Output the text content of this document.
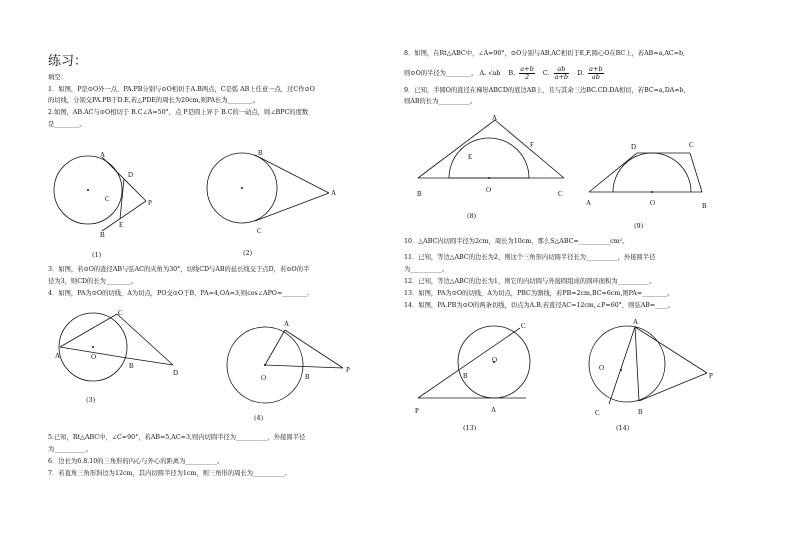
练习：
填空：
1．如图，P是⊙O外一点，PA.PB分别与⊙O相切于A.B两点，C是弧 AB上任意一点，过C作⊙O
的切线，分别交PA.PB于D.E,若△PDE的周长为20cm,则PA长为________。
2.如图，AB.AC与⊙O相切于 B.C∠A=50°，点 P是圆上异于 B.C的一动点，则∠BPC的度数
是________。
A
D
C	P
E
B
(1)
B
A
C
(2)
3．如图，若⊙O的直径AB与弦AC的夹角为30°，切线CD与AB的延长线交于点D，若⊙O的半
径为3，则CD的长为________。
4．如图，PA为⊙O的切线，A为切点，PO交⊙O于B，PA=4,OA=3,则cos∠APO=________.
C
A	O
B
D
(3)
A
O	B
P
(4)
5.已知，Rt△ABC中，∠C=90°，若AB=5,AC=3,则内切圆半径为__________，外接圆半径
为__________。
6．边长为6.8.10的三角形的内心与外心的距离为__________。
7．若直角三角形斜边为12cm，其内切圆半径为1cm，则三角形的周长为__________。
8．如图，在Rt△ABC中，∠A=90°，⊙O分别与AB,AC相切于E,F,圆心O在BC上，若AB=a,AC=b,
则⊙O的半径为________。 A. √ab B. $\frac{a+b}{2} C$. $\frac{ab}{a+b} D$. $\frac{a+b}{ab}$
9．已知，半圆O的直径在梯形ABCD的底边AB上，且与其余三边BC.CD.DA相切，若BC=a,DA=b,
则AB的长为__________。
A
E
F
B	O	C
(8)
D	C
A	O	B
(9)
10．△ABC内切圆半径为2cm，周长为10cm，那么S△ABC=__________cm²。
11．已知，等边△ABC的边长为2，则这个三角形内切圆半径长为__________，外接圆半径
为__________。
12．已知，等边△ABC的边长为1，则它的内切圆与外接圆组成的圆环面积为__________。
13．如图，PA为⊙O的切线，A为切点，PBC为割线，若PB=2cm,BC=6cm,则PA=________。
14．如图，PA.PB为⊙O的两条切线，切点为A.B,若直径AC=12cm,∠P=60°，则弦AB=____。
C
O
B
P	A
(13)
A
O
P
C	B
(14)
